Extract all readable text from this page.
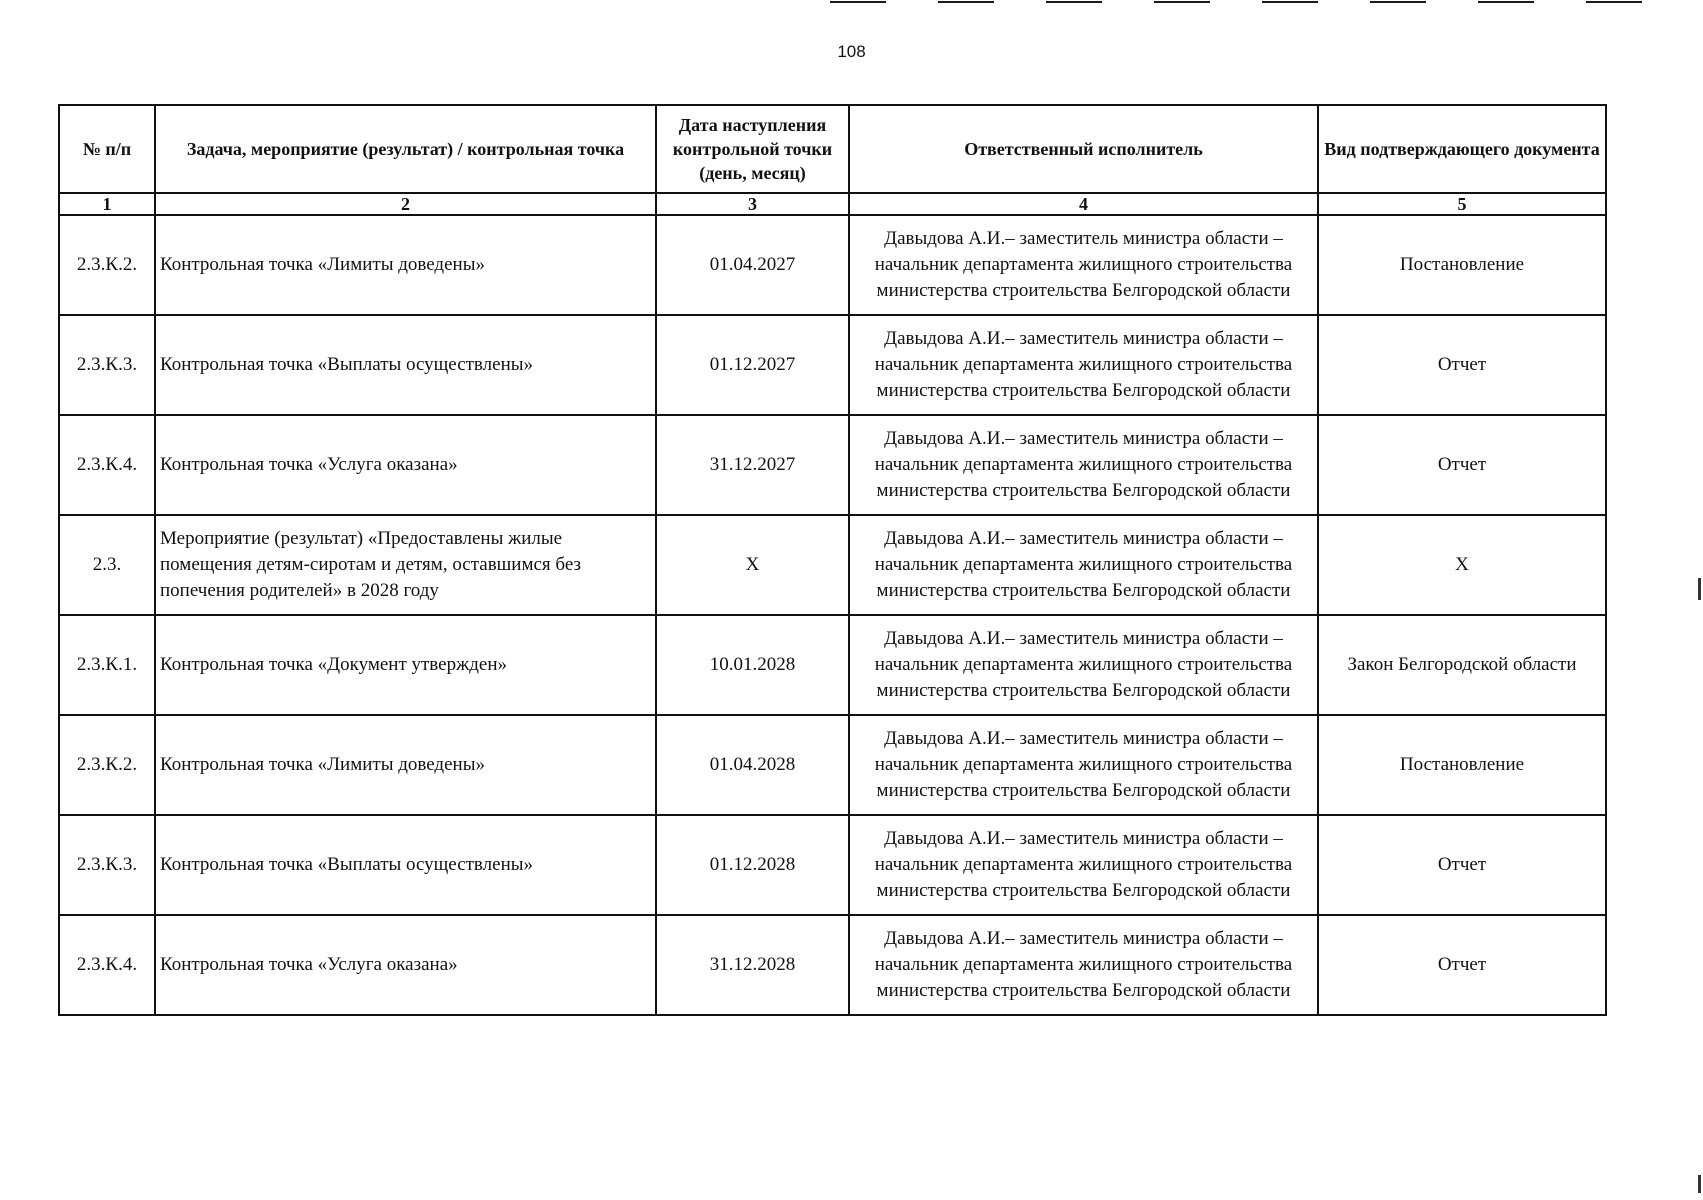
108
№ п/п	Задача, мероприятие (результат) / контрольная точка	Дата наступления контрольной точки (день, месяц)	Ответственный исполнитель	Вид подтверждающего документа
1	2	3	4	5
2.3.К.2.	Контрольная точка «Лимиты доведены»	01.04.2027	Давыдова А.И.– заместитель министра области – начальник департамента жилищного строительства министерства строительства Белгородской области	Постановление
2.3.К.3.	Контрольная точка «Выплаты осуществлены»	01.12.2027	Давыдова А.И.– заместитель министра области – начальник департамента жилищного строительства министерства строительства Белгородской области	Отчет
2.3.К.4.	Контрольная точка «Услуга оказана»	31.12.2027	Давыдова А.И.– заместитель министра области – начальник департамента жилищного строительства министерства строительства Белгородской области	Отчет
2.3.	Мероприятие (результат) «Предоставлены жилые помещения детям-сиротам и детям, оставшимся без попечения родителей» в 2028 году	Х	Давыдова А.И.– заместитель министра области – начальник департамента жилищного строительства министерства строительства Белгородской области	Х
2.3.К.1.	Контрольная точка «Документ утвержден»	10.01.2028	Давыдова А.И.– заместитель министра области – начальник департамента жилищного строительства министерства строительства Белгородской области	Закон Белгородской области
2.3.К.2.	Контрольная точка «Лимиты доведены»	01.04.2028	Давыдова А.И.– заместитель министра области – начальник департамента жилищного строительства министерства строительства Белгородской области	Постановление
2.3.К.3.	Контрольная точка «Выплаты осуществлены»	01.12.2028	Давыдова А.И.– заместитель министра области – начальник департамента жилищного строительства министерства строительства Белгородской области	Отчет
2.3.К.4.	Контрольная точка «Услуга оказана»	31.12.2028	Давыдова А.И.– заместитель министра области – начальник департамента жилищного строительства министерства строительства Белгородской области	Отчет
